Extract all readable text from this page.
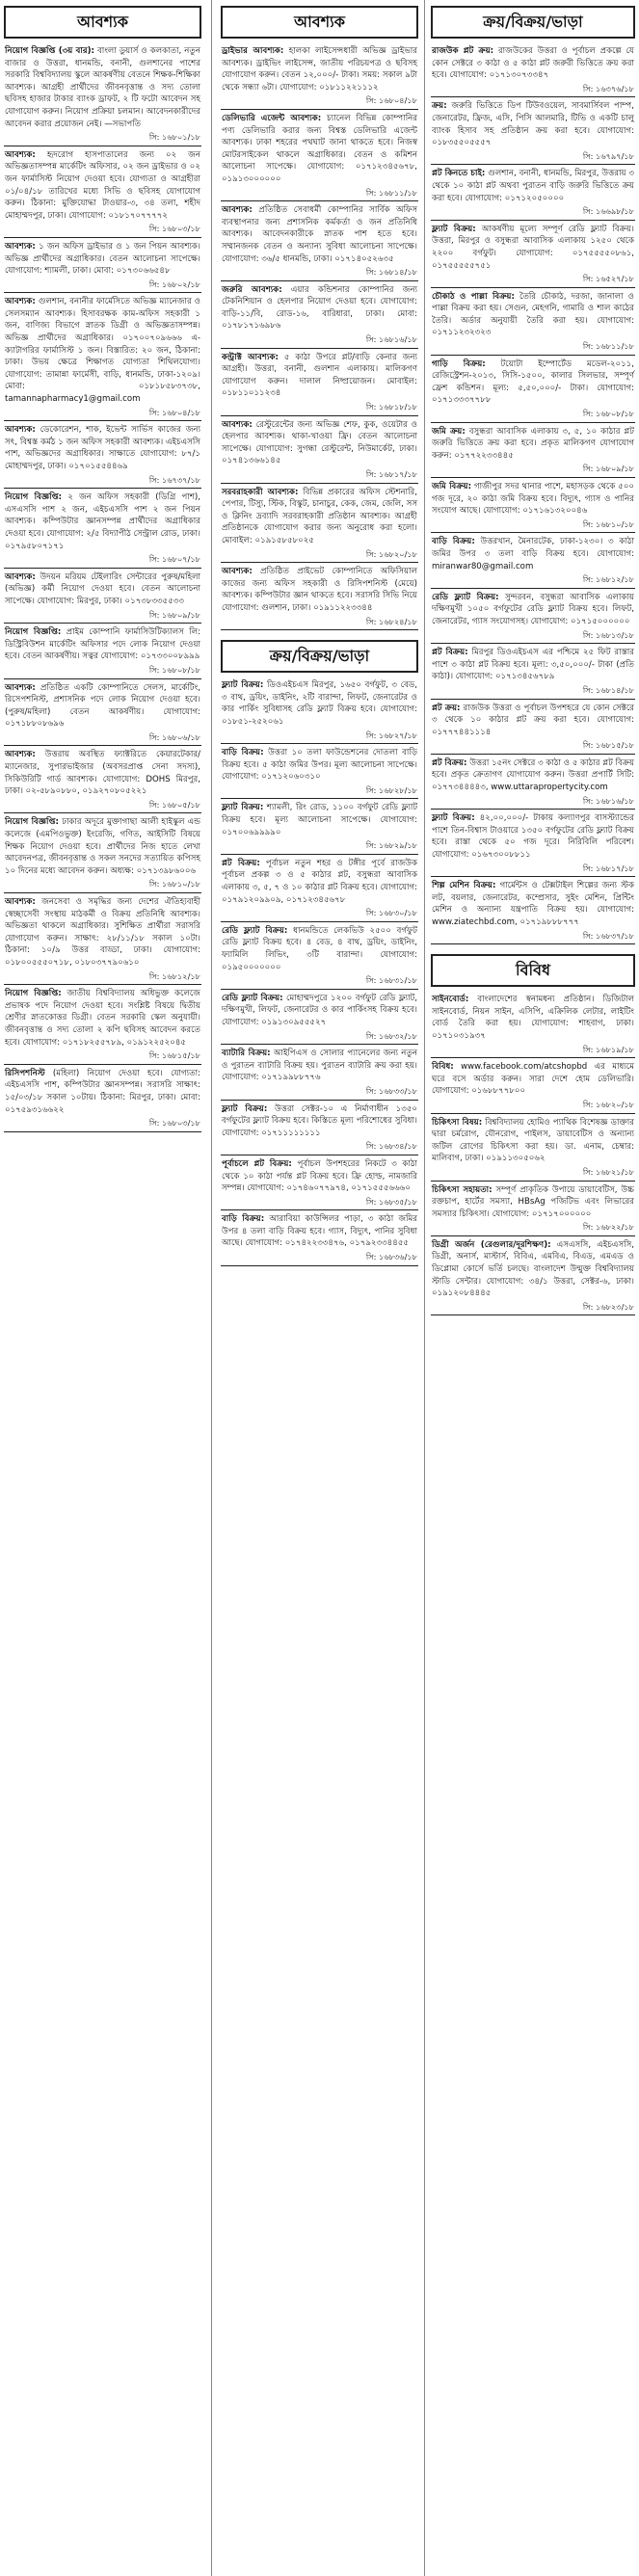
আবশ্যক
নিয়োগ বিজ্ঞপ্তি (৩য় বার): বাংলা ডুয়ার্স ও কলকাতা, নতুন বাজার ও উত্তরা, ধানমন্ডি, বনানী, গুলশানের পাশের সরকারি বিশ্ববিদ্যালয় স্কুলে আকর্ষণীয় বেতনে শিক্ষক-শিক্ষিকা আবশ্যক। আগ্রহী প্রার্থীদের জীবনবৃত্তান্ত ও সদ্য তোলা ছবিসহ হাজার টাকার ব্যাংক ড্রাফট, ২ টি ফটো আবেদন সহ যোগাযোগ করুন। নিয়োগ প্রক্রিয়া চলমান। আবেদনকারীদের আবেদন করার প্রয়োজন নেই। —সভাপতি
সি: ১৬৮০১/১৮
আবশ্যক: হৃদরোগ হাসপাতালের জন্য ০২ জন অভিজ্ঞতাসম্পন্ন মার্কেটিং অফিসার, ০২ জন ড্রাইভার ও ০২ জন ফার্মাসিস্ট নিয়োগ দেওয়া হবে। যোগ্যতা ও আগ্রহীরা ০১/০৪/১৮ তারিখের মধ্যে সিভি ও ছবিসহ যোগাযোগ করুন। ঠিকানা: মুক্তিযোদ্ধা টাওয়ার-৩, ৩৪ তলা, শহীদ মোহাম্মদপুর, ঢাকা। যোগাযোগ: ০১৮১৭০৭৭৭৭২
সি: ১৬৮০৩/১৮
আবশ্যক: ১ জন অফিস ড্রাইভার ও ১ জন পিয়ন আবশ্যক। অভিজ্ঞ প্রার্থীদের অগ্রাধিকার। বেতন আলোচনা সাপেক্ষে। যোগাযোগ: শ্যামলী, ঢাকা। মোবা: ০১৭৩০৬৬৫৪৮
সি: ১৬৮০২/১৮
আবশ্যক: গুলশান, বনানীর ফার্মেসিতে অভিজ্ঞ ম্যানেজার ও সেলসম্যান আবশ্যক। হিসাবরক্ষক কাম-অফিস সহকারী ১ জন, বাণিজ্য বিভাগে স্নাতক ডিগ্রী ও অভিজ্ঞতাসম্পন্ন। অভিজ্ঞ প্রার্থীদের অগ্রাধিকার। ০১৭০০৭০৯৬৬৬ এ-ক্যাটাগরির ফার্মাসিস্ট ১ জন। বিস্তারিত: ২০ জন, ঠিকানা: ঢাকা। উভয় ক্ষেত্রে শিক্ষাগত যোগ্যতা শিথিলযোগ্য। যোগাযোগ: তামান্না ফার্মেসী, বাড়ি, ধানমন্ডি, ঢাকা-১২০৯। মোবা: ০১৮১৮৫৮৩৭৩৮, tamannapharmacy1@gmail.com
সি: ১৬৮০৪/১৮
আবশ্যক: ডেকোরেশন, শাক, ইভেন্ট সার্ভিস কাজের জন্য সৎ, বিশ্বস্ত কর্মঠ ১ জন অফিস সহকারী আবশ্যক। এইচএসসি পাশ, অভিজ্ঞদের অগ্রাধিকার। সাক্ষাতে যোগাযোগ: ৮৭/১ মোহাম্মদপুর, ঢাকা। ০১৭০১৫৫৪৪৬৯
সি: ১৬৭৩৭/১৮
নিয়োগ বিজ্ঞপ্তি: ২ জন অফিস সহকারী (ডিগ্রি পাশ), এসএসসি পাশ ২ জন, এইচএসসি পাশ ২ জন পিয়ন আবশ্যক। কম্পিউটার জ্ঞানসম্পন্ন প্রার্থীদের অগ্রাধিকার দেওয়া হবে। যোগাযোগ: ২/৫ বিদ্যাপীঠ সেন্ট্রাল রোড, ঢাকা। ০১৭৯৫৮০৭১৭১
সি: ১৬৮০৭/১৮
আবশ্যক: উদয়ন মরিয়ম টেইলারিং সেন্টারের পুরুষ/মহিলা (অভিজ্ঞ) কর্মী নিয়োগ দেওয়া হবে। বেতন আলোচনা সাপেক্ষে। যোগাযোগ: মিরপুর, ঢাকা। ০১৭৩৮৩৩৫৫৩৩
সি: ১৬৮০৯/১৮
নিয়োগ বিজ্ঞপ্তি: প্রাইম কোম্পানি ফার্মাসিউটিক্যালস লি: ডিস্ট্রিবিউশন মার্কেটিং অফিসার পদে লোক নিয়োগ দেওয়া হবে। বেতন আকর্ষণীয়। সত্বর যোগাযোগ: ০১৭৩৩০০৮৯৯৯
সি: ১৬৮০৮/১৮
আবশ্যক: প্রতিষ্ঠিত একটি কোম্পানিতে সেলস, মার্কেটিং, রিসেপশনিস্ট, প্রশাসনিক পদে লোক নিয়োগ দেওয়া হবে। (পুরুষ/মহিলা) বেতন আকর্ষণীয়। যোগাযোগ: ০১৭১৮৮০৮৬৯৬
সি: ১৬৮০৬/১৮
আবশ্যক: উত্তরায় অবস্থিত ফ্যাক্টরিতে কেয়ারটেকার/ম্যানেজার, সুপারভাইজার (অবসরপ্রাপ্ত সেনা সদস্য), সিকিউরিটি গার্ড আবশ্যক। যোগাযোগ: DOHS মিরপুর, ঢাকা। ০২-৫৮৯০৮৮০, ০১৯২৭০৮০৫২২১
সি: ১৬৮০৫/১৮
নিয়োগ বিজ্ঞপ্তি: ঢাকার অদূরে মুক্তাগাছা আলী হাইস্কুল এন্ড কলেজে (এমপিওভুক্ত) ইংরেজি, গণিত, আইসিটি বিষয়ে শিক্ষক নিয়োগ দেওয়া হবে। প্রার্থীদের নিজ হাতে লেখা আবেদনপত্র, জীবনবৃত্তান্ত ও সকল সনদের সত্যায়িত কপিসহ ১০ দিনের মধ্যে আবেদন করুন। অধ্যক্ষ: ০১৭১৩৯৮৬০০৬
সি: ১৬৮১০/১৮
আবশ্যক: জনসেবা ও সমৃদ্ধির জন্য দেশের ঐতিহ্যবাহী স্বেচ্ছাসেবী সংস্থায় মাঠকর্মী ও বিক্রয় প্রতিনিধি আবশ্যক। অভিজ্ঞতা থাকলে অগ্রাধিকার। সুশিক্ষিত প্রার্থীরা সরাসরি যোগাযোগ করুন। সাক্ষাৎ: ২৮/১১/১৮ সকাল ১০টা। ঠিকানা: ১০/৯ উত্তর বাড্ডা, ঢাকা। যোগাযোগ: ০১৮০০৫৫৫০৭১৮, ০১৮০৩৭৭৯০৬১০
সি: ১৬৮১২/১৮
নিয়োগ বিজ্ঞপ্তি: জাতীয় বিশ্ববিদ্যালয় অধিভুক্ত কলেজে প্রভাষক পদে নিয়োগ দেওয়া হবে। সংশ্লিষ্ট বিষয়ে দ্বিতীয় শ্রেণীর স্নাতকোত্তর ডিগ্রী। বেতন সরকারি স্কেল অনুযায়ী। জীবনবৃত্তান্ত ও সদ্য তোলা ২ কপি ছবিসহ আবেদন করতে হবে। যোগাযোগ: ০১৭১৮২৫৫৭৮৯, ০১৯১২২৫২০৪৫
সি: ১৬৮১৫/১৮
রিসিপশনিস্ট (মহিলা) নিয়োগ দেওয়া হবে। যোগ্যতা: এইচএসসি পাশ, কম্পিউটার জ্ঞানসম্পন্ন। সরাসরি সাক্ষাৎ: ১৫/০৩/১৮ সকাল ১০টায়। ঠিকানা: মিরপুর, ঢাকা। মোবা: ০১৭৫৯৩১৬৬২২
সি: ১৬৮০৩/১৮
আবশ্যক
ড্রাইভার আবশ্যক: হালকা লাইসেন্সধারী অভিজ্ঞ ড্রাইভার আবশ্যক। ড্রাইভিং লাইসেন্স, জাতীয় পরিচয়পত্র ও ছবিসহ যোগাযোগ করুন। বেতন ১২,০০০/- টাকা। সময়: সকাল ৯টা থেকে সন্ধ্যা ৬টা। যোগাযোগ: ০১৮১১২২১১১২
সি: ১৬৮০৪/১৮
ডেলিভারি এজেন্ট আবশ্যক: চ্যানেল বিভিন্ন কোম্পানির পণ্য ডেলিভারি করার জন্য বিশ্বস্ত ডেলিভারি এজেন্ট আবশ্যক। ঢাকা শহরের পথঘাট জানা থাকতে হবে। নিজস্ব মোটরসাইকেল থাকলে অগ্রাধিকার। বেতন ও কমিশন আলোচনা সাপেক্ষে। যোগাযোগ: ০১৭১২৩৪৫৬৭৮, ০১৯১৩০০০০০০
সি: ১৬৮১১/১৮
আবশ্যক: প্রতিষ্ঠিত সেবাধর্মী কোম্পানির সার্বিক অফিস ব্যবস্থাপনার জন্য প্রশাসনিক কর্মকর্তা ও জন প্রতিনিধি আবশ্যক। আবেদনকারীকে স্নাতক পাশ হতে হবে। সম্মানজনক বেতন ও অন্যান্য সুবিধা আলোচনা সাপেক্ষে। যোগাযোগ: ৩৬/৫ ধানমন্ডি, ঢাকা। ০১৭১৪০৫২৬৩৫
সি: ১৬৮১৪/১৮
জরুরি আবশ্যক: এয়ার কন্ডিশনার কোম্পানির জন্য টেকনিশিয়ান ও হেলপার নিয়োগ দেওয়া হবে। যোগাযোগ: বাড়ি-১১/বি, রোড-১৬, বারিধারা, ঢাকা। মোবা: ০১৭৮১৭১৬৯৮৬
সি: ১৬৮১৬/১৮
কন্ট্রাক্ট আবশ্যক: ৫ কাঠা উপরে প্লট/বাড়ি কেনার জন্য আগ্রহী। উত্তরা, বনানী, গুলশান এলাকায়। মালিকগণ যোগাযোগ করুন। দালাল নিষ্প্রয়োজন। মোবাইল: ০১৮১১০১১২৩৪
সি: ১৬৮১৮/১৮
আবশ্যক: রেস্টুরেন্টের জন্য অভিজ্ঞ শেফ, কুক, ওয়েটার ও হেলপার আবশ্যক। থাকা-খাওয়া ফ্রি। বেতন আলোচনা সাপেক্ষে। যোগাযোগ: সুগন্ধা রেস্টুরেন্ট, নিউমার্কেট, ঢাকা। ০১৭৪১৩৬৬১৪৫
সি: ১৬৮১৭/১৮
সরবরাহকারী আবশ্যক: বিভিন্ন প্রকারের অফিস স্টেশনারি, পেপার, টিস্যু, স্টিক, বিস্কুট, চানাচুর, কেক, জেম, জেলি, সস ও ক্লিনিং দ্রব্যাদি সরবরাহকারী প্রতিষ্ঠান আবশ্যক। আগ্রহী প্রতিষ্ঠানকে যোগাযোগ করার জন্য অনুরোধ করা হলো। মোবাইল: ০১৯১৫৮৫৮০২৫
সি: ১৬৮২০/১৮
আবশ্যক: প্রতিষ্ঠিত প্রাইভেট কোম্পানিতে অফিসিয়াল কাজের জন্য অফিস সহকারী ও রিসিপশনিস্ট (মেয়ে) আবশ্যক। কম্পিউটার জ্ঞান থাকতে হবে। সরাসরি সিভি নিয়ে যোগাযোগ: গুলশান, ঢাকা। ০১৯১১২২৩৩৪৪
সি: ১৬৮২৪/১৮
ক্রয়/বিক্রয়/ভাড়া
ফ্ল্যাট বিক্রয়: ডিওএইচএস মিরপুর, ১৬৫০ বর্গফুট, ৩ বেড, ৩ বাথ, ড্রয়িং, ডাইনিং, ২টি বারান্দা, লিফট, জেনারেটর ও কার পার্কিং সুবিধাসহ রেডি ফ্ল্যাট বিক্রয় হবে। যোগাযোগ: ০১৮৫১-২৫২০৬১
সি: ১৬৮২৭/১৮
বাড়ি বিক্রয়: উত্তরা ১০ তলা ফাউন্ডেশনের দোতলা বাড়ি বিক্রয় হবে। ৫ কাঠা জমির উপর। মূল্য আলোচনা সাপেক্ষে। যোগাযোগ: ০১৭১২০৬০৩১০
সি: ১৬৮২৮/১৮
ফ্ল্যাট বিক্রয়: শ্যামলী, রিং রোড, ১১০০ বর্গফুট রেডি ফ্ল্যাট বিক্রয় হবে। মূল্য আলোচনা সাপেক্ষে। যোগাযোগ: ০১৭০০৬৯৯৯৯০
সি: ১৬৮২৯/১৮
প্লট বিক্রয়: পূর্বাচল নতুন শহর ও টঙ্গীর পূর্বে রাজউক পূর্বাচল প্রকল্প ৩ ও ৫ কাঠার প্লট, বসুন্ধরা আবাসিক এলাকায় ৩, ৫, ৭ ও ১০ কাঠার প্লট বিক্রয় হবে। যোগাযোগ: ০১৭৯১২০৯৯০৯, ০১৭১২৩৪৫৬৭৮
সি: ১৬৮৩০/১৮
রেডি ফ্ল্যাট বিক্রয়: ধানমন্ডিতে লেকভিউ ২৫০০ বর্গফুট রেডি ফ্ল্যাট বিক্রয় হবে। ৪ বেড, ৪ বাথ, ড্রয়িং, ডাইনিং, ফ্যামিলি লিভিং, ৩টি বারান্দা। যোগাযোগ: ০১৯৫০০০০০০০
সি: ১৬৮৩১/১৮
রেডি ফ্ল্যাট বিক্রয়: মোহাম্মদপুরে ১২০০ বর্গফুট রেডি ফ্ল্যাট, দক্ষিণমুখী, লিফট, জেনারেটর ও কার পার্কিংসহ বিক্রয় হবে। যোগাযোগ: ০১৯১৩০৯৫৫৫২৭
সি: ১৬৮৩২/১৮
ব্যাটারি বিক্রয়: আইপিএস ও সোলার প্যানেলের জন্য নতুন ও পুরাতন ব্যাটারি বিক্রয় হয়। পুরাতন ব্যাটারি ক্রয় করা হয়। যোগাযোগ: ০১৭১৯৯৮৮৭৭৬
সি: ১৬৮৩৩/১৮
ফ্ল্যাট বিক্রয়: উত্তরা সেক্টর-১০ এ নির্মাণাধীন ১৩৫০ বর্গফুটের ফ্ল্যাট বিক্রয় হবে। কিস্তিতে মূল্য পরিশোধের সুবিধা। যোগাযোগ: ০১৭১১১১১১১১
সি: ১৬৮৩৪/১৮
পূর্বাচলে প্লট বিক্রয়: পূর্বাচল উপশহরের নিকটে ৩ কাঠা থেকে ১০ কাঠা পর্যন্ত প্লট বিক্রয় হবে। ফ্রি হোল্ড, নামজারি সম্পন্ন। যোগাযোগ: ০১৭৪৬০৭৭৯৭৪, ০১৭১৫৫৫৬৬৬০
সি: ১৬৮৩৫/১৮
বাড়ি বিক্রয়: আরাবিয়া কাউন্সিলর পাড়া, ৩ কাঠা জমির উপর ৪ তলা বাড়ি বিক্রয় হবে। গ্যাস, বিদ্যুৎ, পানির সুবিধা আছে। যোগাযোগ: ০১৭৪২২৩৩৪৭৬, ০১৭৯২৩৩৪৪৫৫
সি: ১৬৮৩৬/১৮
ক্রয়/বিক্রয়/ভাড়া
রাজউক প্লট ক্রয়: রাজউকের উত্তরা ও পূর্বাচল প্রকল্পে যে কোন সেক্টরে ৩ কাঠা ও ৫ কাঠা প্লট জরুরী ভিত্তিতে ক্রয় করা হবে। যোগাযোগ: ০১৭১৩০৭৩৩৪৭
সি: ১৬৩৭৬/১৮
ক্রয়: জরুরি ভিত্তিতে ডিপ টিউবওয়েল, সাবমার্সিবল পাম্প, জেনারেটর, ফ্রিজ, এসি, পিসি আলমারি, টিভি ও একটি চালু ব্যাংক হিসাব সহ প্রতিষ্ঠান ক্রয় করা হবে। যোগাযোগ: ০১৮৩৫৫০৫৫৫৭
সি: ১৬৭৯৭/১৮
প্লট কিনতে চাই: গুলশান, বনানী, ধানমন্ডি, মিরপুর, উত্তরায় ৩ থেকে ১০ কাঠা প্লট অথবা পুরাতন বাড়ি জরুরি ভিত্তিতে ক্রয় করা হবে। যোগাযোগ: ০১৭১২০৫০০০০
সি: ১৬৬৯৮/১৮
ফ্ল্যাট বিক্রয়: আকর্ষণীয় মূল্যে সম্পূর্ণ রেডি ফ্ল্যাট বিক্রয়। উত্তরা, মিরপুর ও বসুন্ধরা আবাসিক এলাকায় ১২৫০ থেকে ২২০০ বর্গফুট। যোগাযোগ: ০১৭৫৫৫৫০৮৬১, ০১৭৫৫৫৫৫৭৫১
সি: ১৬৫২৭/১৮
চৌকাঠ ও পাল্লা বিক্রয়: তৈরি চৌকাঠ, দরজা, জানালা ও পাল্লা বিক্রয় করা হয়। সেগুন, মেহগনি, গামারি ও শাল কাঠের তৈরি। অর্ডার অনুযায়ী তৈরি করা হয়। যোগাযোগ: ০১৭১১২৩২৩২৩
সি: ১৬৮১১/১৮
গাড়ি বিক্রয়: টয়োটা ইম্পোর্টেড মডেল-২০১১, রেজিস্ট্রেশন-২০১৩, সিসি-১৫০০, কালার সিলভার, সম্পূর্ণ ফ্রেশ কন্ডিশন। মূল্য: ৫,৫০,০০০/- টাকা। যোগাযোগ: ০১৭১৩৩৩৭৭৮৮
সি: ১৬৮০৮/১৮
জমি ক্রয়: বসুন্ধরা আবাসিক এলাকায় ৩, ৫, ১০ কাঠার প্লট জরুরি ভিত্তিতে ক্রয় করা হবে। প্রকৃত মালিকগণ যোগাযোগ করুন: ০১৭৭২২৩৩৪৪৫
সি: ১৬৮০৯/১৮
জমি বিক্রয়: গাজীপুর সদর থানার পাশে, মহাসড়ক থেকে ৫০০ গজ দূরে, ২০ কাঠা জমি বিক্রয় হবে। বিদ্যুৎ, গ্যাস ও পানির সংযোগ আছে। যোগাযোগ: ০১৭১৬১৩২০০৪৬
সি: ১৬৮১০/১৮
বাড়ি বিক্রয়: উত্তরখান, মৈনারটেক, ঢাকা-১২৩০। ৩ কাঠা জমির উপর ৩ তলা বাড়ি বিক্রয় হবে। যোগাযোগ: miranwar80@gmail.com
সি: ১৬৮১২/১৮
রেডি ফ্ল্যাট বিক্রয়: সুন্দরবন, বসুন্ধরা আবাসিক এলাকায় দক্ষিণমুখী ১০৫০ বর্গফুটের রেডি ফ্ল্যাট বিক্রয় হবে। লিফট, জেনারেটর, গ্যাস সংযোগসহ। যোগাযোগ: ০১৭১৫০০০০০০
সি: ১৬৮১৩/১৮
প্লট বিক্রয়: মিরপুর ডিওএইচএস এর পশ্চিমে ২৫ ফিট রাস্তার পাশে ৩ কাঠা প্লট বিক্রয় হবে। মূল্য: ৩,৫০,০০০/- টাকা (প্রতি কাঠা)। যোগাযোগ: ০১৭১৩৪৫৬৭৮৯
সি: ১৬৮১৪/১৮
প্লট ক্রয়: রাজউক উত্তরা ও পূর্বাচল উপশহরে যে কোন সেক্টরে ৩ থেকে ১০ কাঠার প্লট ক্রয় করা হবে। যোগাযোগ: ০১৭৭৭৪৪১১১৪
সি: ১৬৮১৫/১৮
প্লট বিক্রয়: উত্তরা ১৫নং সেক্টরে ৩ কাঠা ও ৫ কাঠার প্লট বিক্রয় হবে। প্রকৃত ক্রেতাগণ যোগাযোগ করুন। উত্তরা প্রপার্টি সিটি: ০১৭৭৩৪৪৪৪৩, www.uttarapropertycity.com
সি: ১৬৮১৬/১৮
ফ্ল্যাট বিক্রয়: ৪২,০০,০০০/- টাকায় কল্যাণপুর বাসস্ট্যান্ডের পাশে তিন-বিশ্বাস টাওয়ারে ১৩৫০ বর্গফুটের রেডি ফ্ল্যাট বিক্রয় হবে। রাস্তা থেকে ৫০ গজ দূরে। নিরিবিলি পরিবেশ। যোগাযোগ: ০১৬৭৩০০৮৮১১
সি: ১৬৮১৭/১৮
শিল্প মেশিন বিক্রয়: গার্মেন্টস ও টেক্সটাইল শিল্পের জন্য স্টক লট, বয়লার, জেনারেটর, কম্প্রেসার, সুইং মেশিন, প্রিন্টিং মেশিন ও অন্যান্য যন্ত্রপাতি বিক্রয় হয়। যোগাযোগ: www.ziatechbd.com, ০১৭১৯৮৮৮৭৭৭
সি: ১৬৮৩৭/১৮
বিবিধ
সাইনবোর্ড: বাংলাদেশের স্বনামধন্য প্রতিষ্ঠান। ডিজিটাল সাইনবোর্ড, নিয়ন সাইন, এসিপি, এক্রিলিক লেটার, লাইটিং বোর্ড তৈরি করা হয়। যোগাযোগ: শাহবাগ, ঢাকা। ০১৭১০৩১৯৩৭
সি: ১৬৮১৯/১৮
বিবিধ: www.facebook.com/atcshopbd এর মাধ্যমে ঘরে বসে অর্ডার করুন। সারা দেশে হোম ডেলিভারি। যোগাযোগ: ০১৬৮৮৭৭৮০০
সি: ১৬৮২০/১৮
চিকিৎসা বিষয়: বিশ্ববিদ্যালয় হোমিও প্যাথিক বিশেষজ্ঞ ডাক্তার দ্বারা চর্মরোগ, যৌনরোগ, পাইলস, ডায়াবেটিস ও অন্যান্য জটিল রোগের চিকিৎসা করা হয়। ডা. এনাম, চেম্বার: মালিবাগ, ঢাকা। ০১৯১১৩০৫০৬২
সি: ১৬৮২১/১৮
চিকিৎসা সহায়তা: সম্পূর্ণ প্রাকৃতিক উপায়ে ডায়াবেটিস, উচ্চ রক্তচাপ, হার্টের সমস্যা, HBsAg পজিটিভ এবং লিভারের সমস্যার চিকিৎসা। যোগাযোগ: ০১৭১৭০০০০০০
সি: ১৬৮২২/১৮
ডিগ্রী অর্জন (রেগুলার/দূরশিক্ষণ): এসএসসি, এইচএসসি, ডিগ্রী, অনার্স, মাস্টার্স, বিবিএ, এমবিএ, বিএড, এমএড ও ডিপ্লোমা কোর্সে ভর্তি চলছে। বাংলাদেশ উন্মুক্ত বিশ্ববিদ্যালয় স্টাডি সেন্টার। যোগাযোগ: ৩৪/১ উত্তরা, সেক্টর-৬, ঢাকা। ০১৯১২০৮৪৪৪৫
সি: ১৬৮২৩/১৮
